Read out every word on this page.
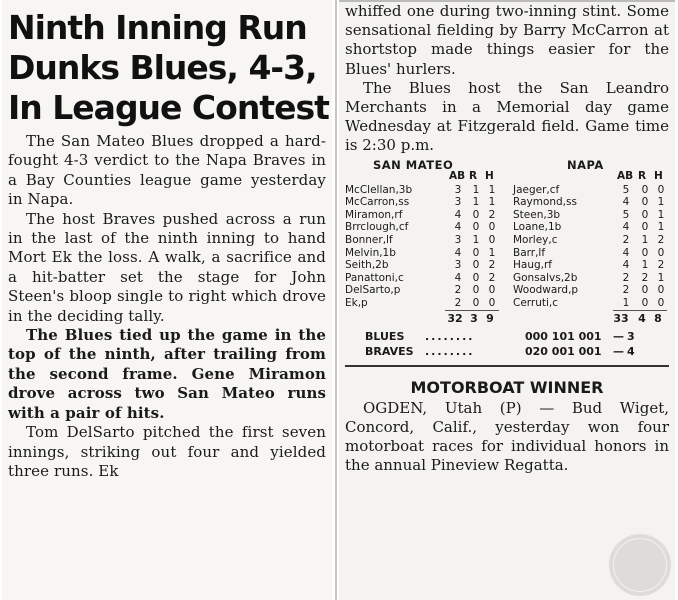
Ninth Inning Run
Dunks Blues, 4-3,
In League Contest

The San Mateo Blues dropped a hard-fought 4-3 verdict to the Napa Braves in a Bay Counties league game yesterday in Napa.

The host Braves pushed across a run in the last of the ninth inning to hand Mort Ek the loss. A walk, a sacrifice and a hit-batter set the stage for John Steen's bloop single to right which drove in the deciding tally.

The Blues tied up the game in the top of the ninth, after trailing from the second frame. Gene Miramon drove across two San Mateo runs with a pair of hits.

Tom DelSarto pitched the first seven innings, striking out four and yielded three runs. Ek

whiffed one during two-inning stint. Some sensational fielding by Barry McCarron at shortstop made things easier for the Blues' hurlers.

The Blues host the San Leandro Merchants in a Memorial day game Wednesday at Fitzgerald field. Game time is 2:30 p.m.

SAN MATEO	NAPA
AB R H	AB R H
McClellan,3b	3	1 1
McCarron,ss	3	1 1
Miramon,rf	4	0 2
Brrclough,cf	4	0 0
Bonner,lf	3	1 0
Melvin,1b	4	0 1
Seith,2b	3	0 2
Panattoni,c	4	0 2
DelSarto,p	2	0 0
Ek,p	2	0 0
Jaeger,cf	5	0 0
Raymond,ss	4	0 1
Steen,3b	5	0 1
Loane,1b	4	0 1
Morley,c	2	1 2
Barr,lf	4	0 0
Haug,rf	4	1 2
Gonsalvs,2b	2	2 1
Woodward,p	2	0 0
Cerruti,c	1	0 0
32 3 9	33 4 8
BLUES ........	000 101 001 — 3
BRAVES ........	020 001 001 — 4
MOTORBOAT WINNER

OGDEN, Utah (P) — Bud Wiget, Concord, Calif., yesterday won four motorboat races for individual honors in the annual Pineview Regatta.
